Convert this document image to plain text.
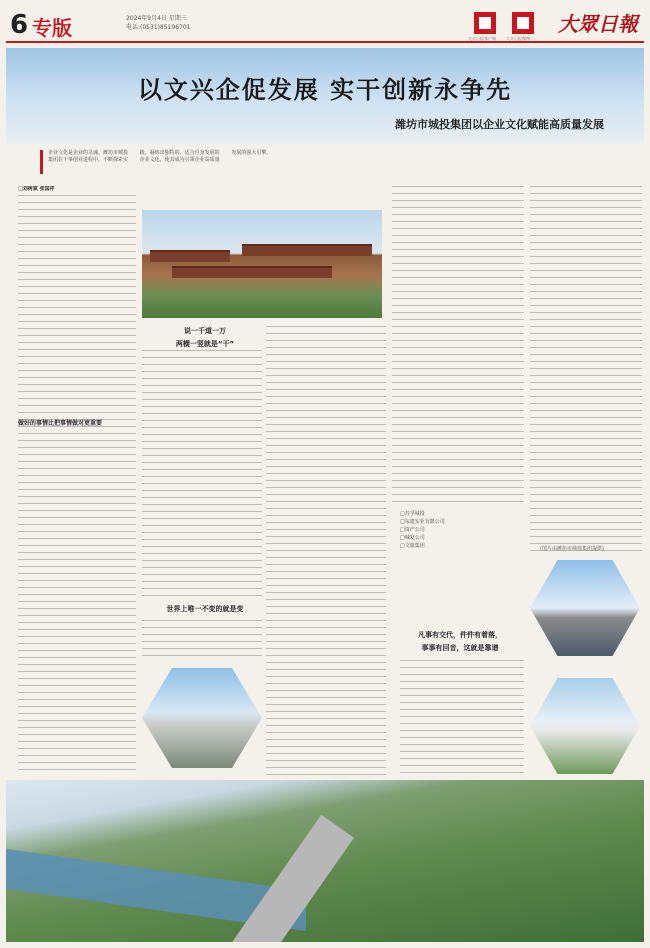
6 专版	2024年9月4日 星期三
电话:(0531)85196701
大众日报客户端	大众日报微博
大眾日報
以文兴企促发展 实干创新永争先
潍坊市城投集团以企业文化赋能高质量发展
企业文化是企业的灵魂。潍坊市城投集团在干事创业进程中，不断探索实践，凝练出独特的、适合自身发展的企业文化，使其成为引领企业高质量发展的强大引擎。
□刘树斌 张国祥
做好的事情比把事情做对更重要
说一千道一万
两横一竖就是“干”
世界上唯一不变的就是变
凡事有交代，件件有着落，
事事有回音，这就是靠谱
□苏孚城投
□东建实业有限公司
□资产公司
□城发公司
□文旅集团	(图片由潍坊市城投集团提供)
